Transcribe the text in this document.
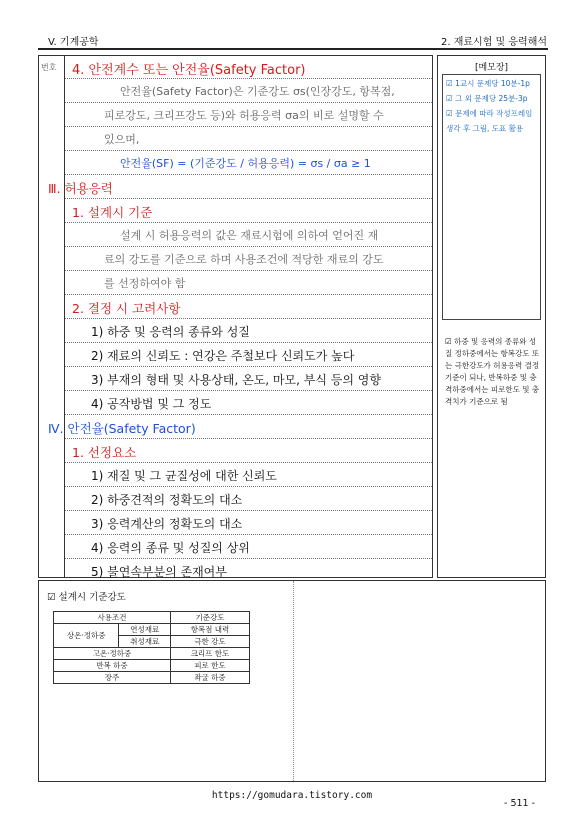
V. 기계공학	2. 재료시험 및 응력해석
번호 4. 안전계수 또는 안전율(Safety Factor)
안전율(Safety Factor)은 기준강도 σs(인장강도, 항복점,
피로강도, 크리프강도 등)와 허용응력 σa의 비로 설명할 수
있으며,
안전율(SF) = (기준강도 / 허용응력) = σs / σa ≥ 1
Ⅲ. 허용응력
1. 설계시 기준
설계 시 허용응력의 값은 재료시험에 의하여 얻어진 재
료의 강도를 기준으로 하며 사용조건에 적당한 재료의 강도
를 선정하여야 함
2. 결정 시 고려사항
1) 하중 및 응력의 종류와 성질
2) 재료의 신뢰도 : 연강은 주철보다 신뢰도가 높다
3) 부재의 형태 및 사용상태, 온도, 마모, 부식 등의 영향
4) 공작방법 및 그 정도
Ⅳ. 안전율(Safety Factor)
1. 선정요소
1) 재질 및 그 균질성에 대한 신뢰도
2) 하중견적의 정확도의 대소
3) 응력계산의 정확도의 대소
4) 응력의 종류 및 성질의 상위
5) 불연속부분의 존재여부
[메모장]
☑ 1교시 문제당 10분-1p
☑ 그 외 문제당 25분-3p
☑ 문제에 따라 작성프레임
생각 후 그림, 도표 활용
☑ 하중 및 응력의 종류와 성질 정하중에서는 항복강도 또는 극한강도가 허용응력 결정기준이 되나, 반복하중 및 충격하중에서는 피로한도 및 충격치가 기준으로 됨
☑ 설계시 기준강도
사용조건		기준강도
상온·정하중	연성재료	항복점 내력
	취성재료	극한 강도
고온·정하중		크리프 한도
반복 하중		피로 한도
장주		좌굴 하중
https://gomudara.tistory.com
- 511 -
